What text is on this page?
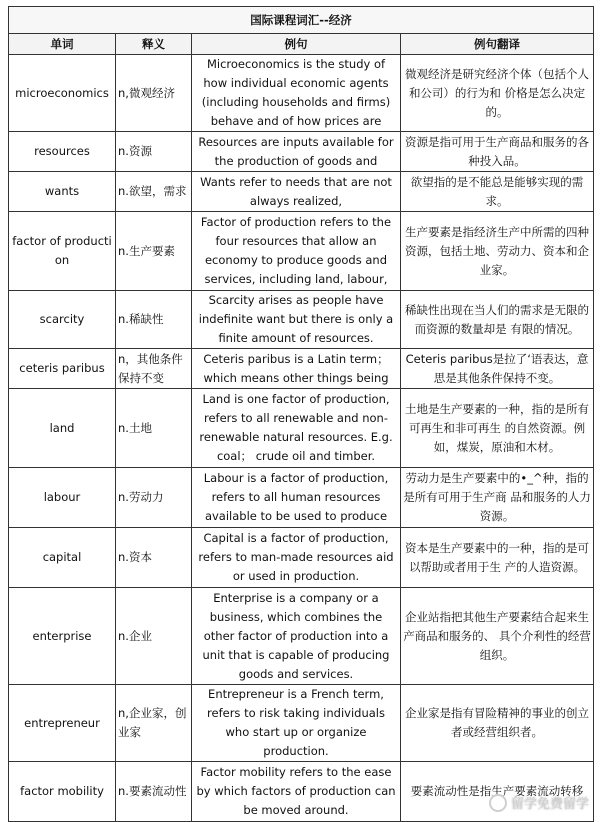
国际课程词汇--经济			
单词	释义	例句	例句翻译
microeconomics	n,微观经济	Microeconomics is the study of how individual economic agents (including households and firms) behave and of how prices are	微观经济是研究经济个体（包括个人和公司）的行为和 价格是怎么决定的。
resources	n.资源	Resources are inputs available for the production of goods and	资源是指可用于生产商品和服务的各种投入品。
wants	n.欲望，需求	Wants refer to needs that are not always realized,	欲望指的是不能总是能够实现的需求。
factor of production	n.生产要素	Factor of production refers to the four resources that allow an economy to produce goods and services, including land, labour,	生产要素是指经济生产中所需的四种资源，包括土地、劳动力、资本和企业家。
scarcity	n.稀缺性	Scarcity arises as people have indefinite want but there is only a finite amount of resources.	稀缺性出现在当人们的需求是无限的而资源的数量却是 有限的情况。
ceteris paribus	n，其他条件保持不变	Ceteris paribus is a Latin term； which means other things being	Ceteris paribus是拉了‘语表达，意思是其他条件保持不变。
land	n.土地	Land is one factor of production, refers to all renewable and non-renewable natural resources. E.g. coal； crude oil and timber.	土地是生产要素的一种，指的是所有可再生和非可再生 的自然资源。例如，煤炭，原油和木材。
labour	n.劳动力	Labour is a factor of production, refers to all human resources available to be used to produce	劳动力是生产要素中的•_^种，指的是所有可用于生产商 品和服务的人力资源。
capital	n.资本	Capital is a factor of production, refers to man-made resources aid or used in production.	资本是生产要素中的一种，指的是可以帮助或者用于生 产的人造资源。
enterprise	n.企业	Enterprise is a company or a business, which combines the other factor of production into a unit that is capable of producing goods and services.	企业站指把其他生产要素结合起来生产商品和服务的、 具个介利性的经营组织。
entrepreneur	n,企业家，创业家	Entrepreneur is a French term, refers to risk taking individuals who start up or organize production.	企业家是指有冒险精神的事业的创立者或经营组织者。
factor mobility	n.要素流动性	Factor mobility refers to the ease by which factors of production can be moved around.	要素流动性是指生产要素流动转移
留学免费留学
